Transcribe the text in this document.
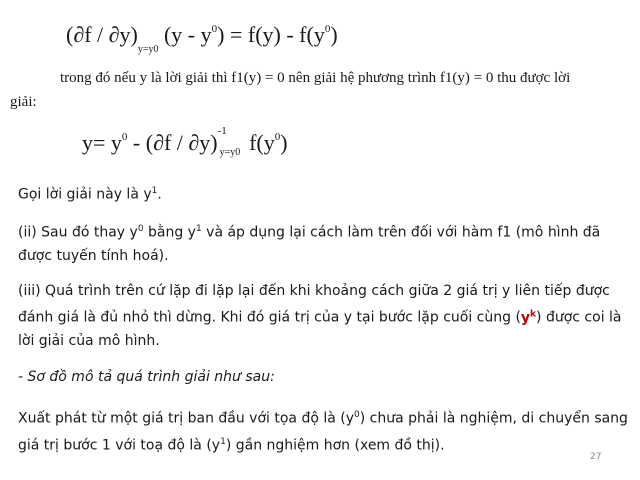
$(\partial f / \partial y)_{y=y0}$ $(y - y^0) = f(y) - f(y^0)$
trong đó nếu y là lời giải thì f1(y) = 0 nên giải hệ phương trình f1(y) = 0 thu được lời
giải:
$y= y^0 - (\partial f / \partial y)$ -1
y=y0 $f(y^0)$
Gọi lời giải này là $y^1$.
(ii) Sau đó thay $y^0$ bằng $y^1$ và áp dụng lại cách làm trên đối với hàm f1 (mô hình đã được tuyến tính hoá).
(iii) Quá trình trên cứ lặp đi lặp lại đến khi khoảng cách giữa 2 giá trị y liên tiếp được đánh giá là đủ nhỏ thì dừng. Khi đó giá trị của y tại bước lặp cuối cùng $(y^k)$ được coi là lời giải của mô hình.
- Sơ đồ mô tả quá trình giải như sau:
Xuất phát từ một giá trị ban đầu với tọa độ là $(y^0)$ chưa phải là nghiệm, di chuyển sang giá trị bước 1 với toạ độ là $(y^1)$ gần nghiệm hơn (xem đồ thị).
27
